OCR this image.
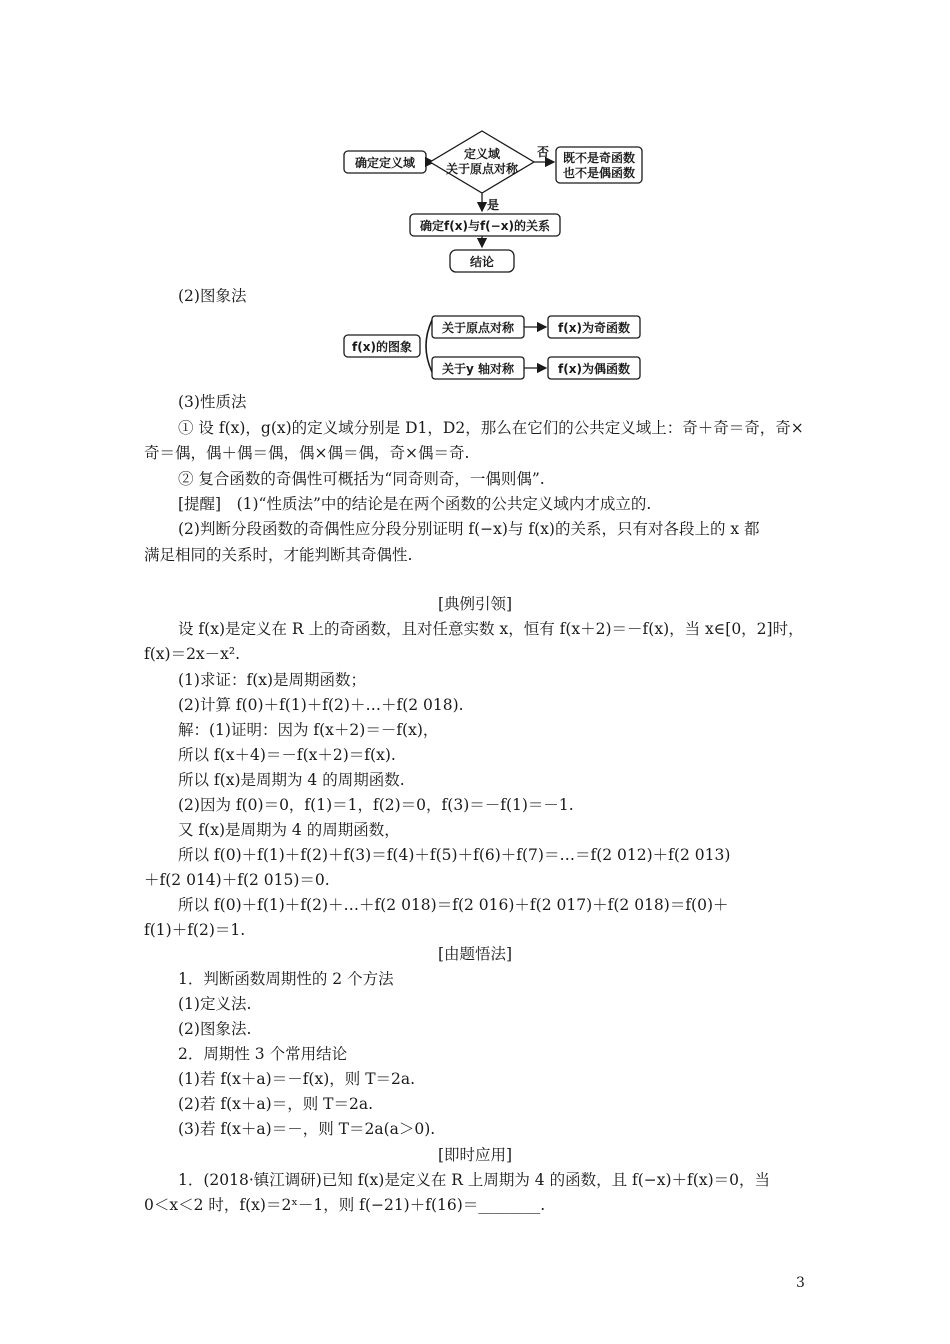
确定定义域
定义域
关于原点对称
否 既不是奇函数
也不是偶函数
是
确定f(x)与f(−x)的关系
结论
(2)图象法
f(x)的图象
关于原点对称	f(x)为奇函数
关于y 轴对称	f(x)为偶函数
(3)性质法
① 设 f(x)，g(x)的定义域分别是 D1，D2，那么在它们的公共定义域上：奇＋奇＝奇，奇×
奇＝偶，偶＋偶＝偶，偶×偶＝偶，奇×偶＝奇.
② 复合函数的奇偶性可概括为“同奇则奇，一偶则偶”.
[提醒]　(1)“性质法”中的结论是在两个函数的公共定义域内才成立的.
(2)判断分段函数的奇偶性应分段分别证明 f(−x)与 f(x)的关系，只有对各段上的 x 都
满足相同的关系时，才能判断其奇偶性.
[典例引领]
设 f(x)是定义在 R 上的奇函数，且对任意实数 x，恒有 f(x＋2)＝－f(x)，当 x∈[0，2]时，
f(x)＝2x－x².
(1)求证：f(x)是周期函数；
(2)计算 f(0)＋f(1)＋f(2)＋…＋f(2 018).
解：(1)证明：因为 f(x＋2)＝－f(x)，
所以 f(x＋4)＝－f(x＋2)＝f(x).
所以 f(x)是周期为 4 的周期函数.
(2)因为 f(0)＝0，f(1)＝1，f(2)＝0，f(3)＝－f(1)＝－1.
又 f(x)是周期为 4 的周期函数，
所以 f(0)＋f(1)＋f(2)＋f(3)＝f(4)＋f(5)＋f(6)＋f(7)＝…＝f(2 012)＋f(2 013)
＋f(2 014)＋f(2 015)＝0.
所以 f(0)＋f(1)＋f(2)＋…＋f(2 018)＝f(2 016)＋f(2 017)＋f(2 018)＝f(0)＋
f(1)＋f(2)＝1.
[由题悟法]
1．判断函数周期性的 2 个方法
(1)定义法.
(2)图象法.
2．周期性 3 个常用结论
(1)若 f(x＋a)＝－f(x)，则 T＝2a.
(2)若 f(x＋a)＝，则 T＝2a.
(3)若 f(x＋a)＝－，则 T＝2a(a＞0).
[即时应用]
1．(2018·镇江调研)已知 f(x)是定义在 R 上周期为 4 的函数，且 f(−x)＋f(x)＝0，当
0＜x＜2 时，f(x)＝2ˣ－1，则 f(−21)＋f(16)＝________.
3
